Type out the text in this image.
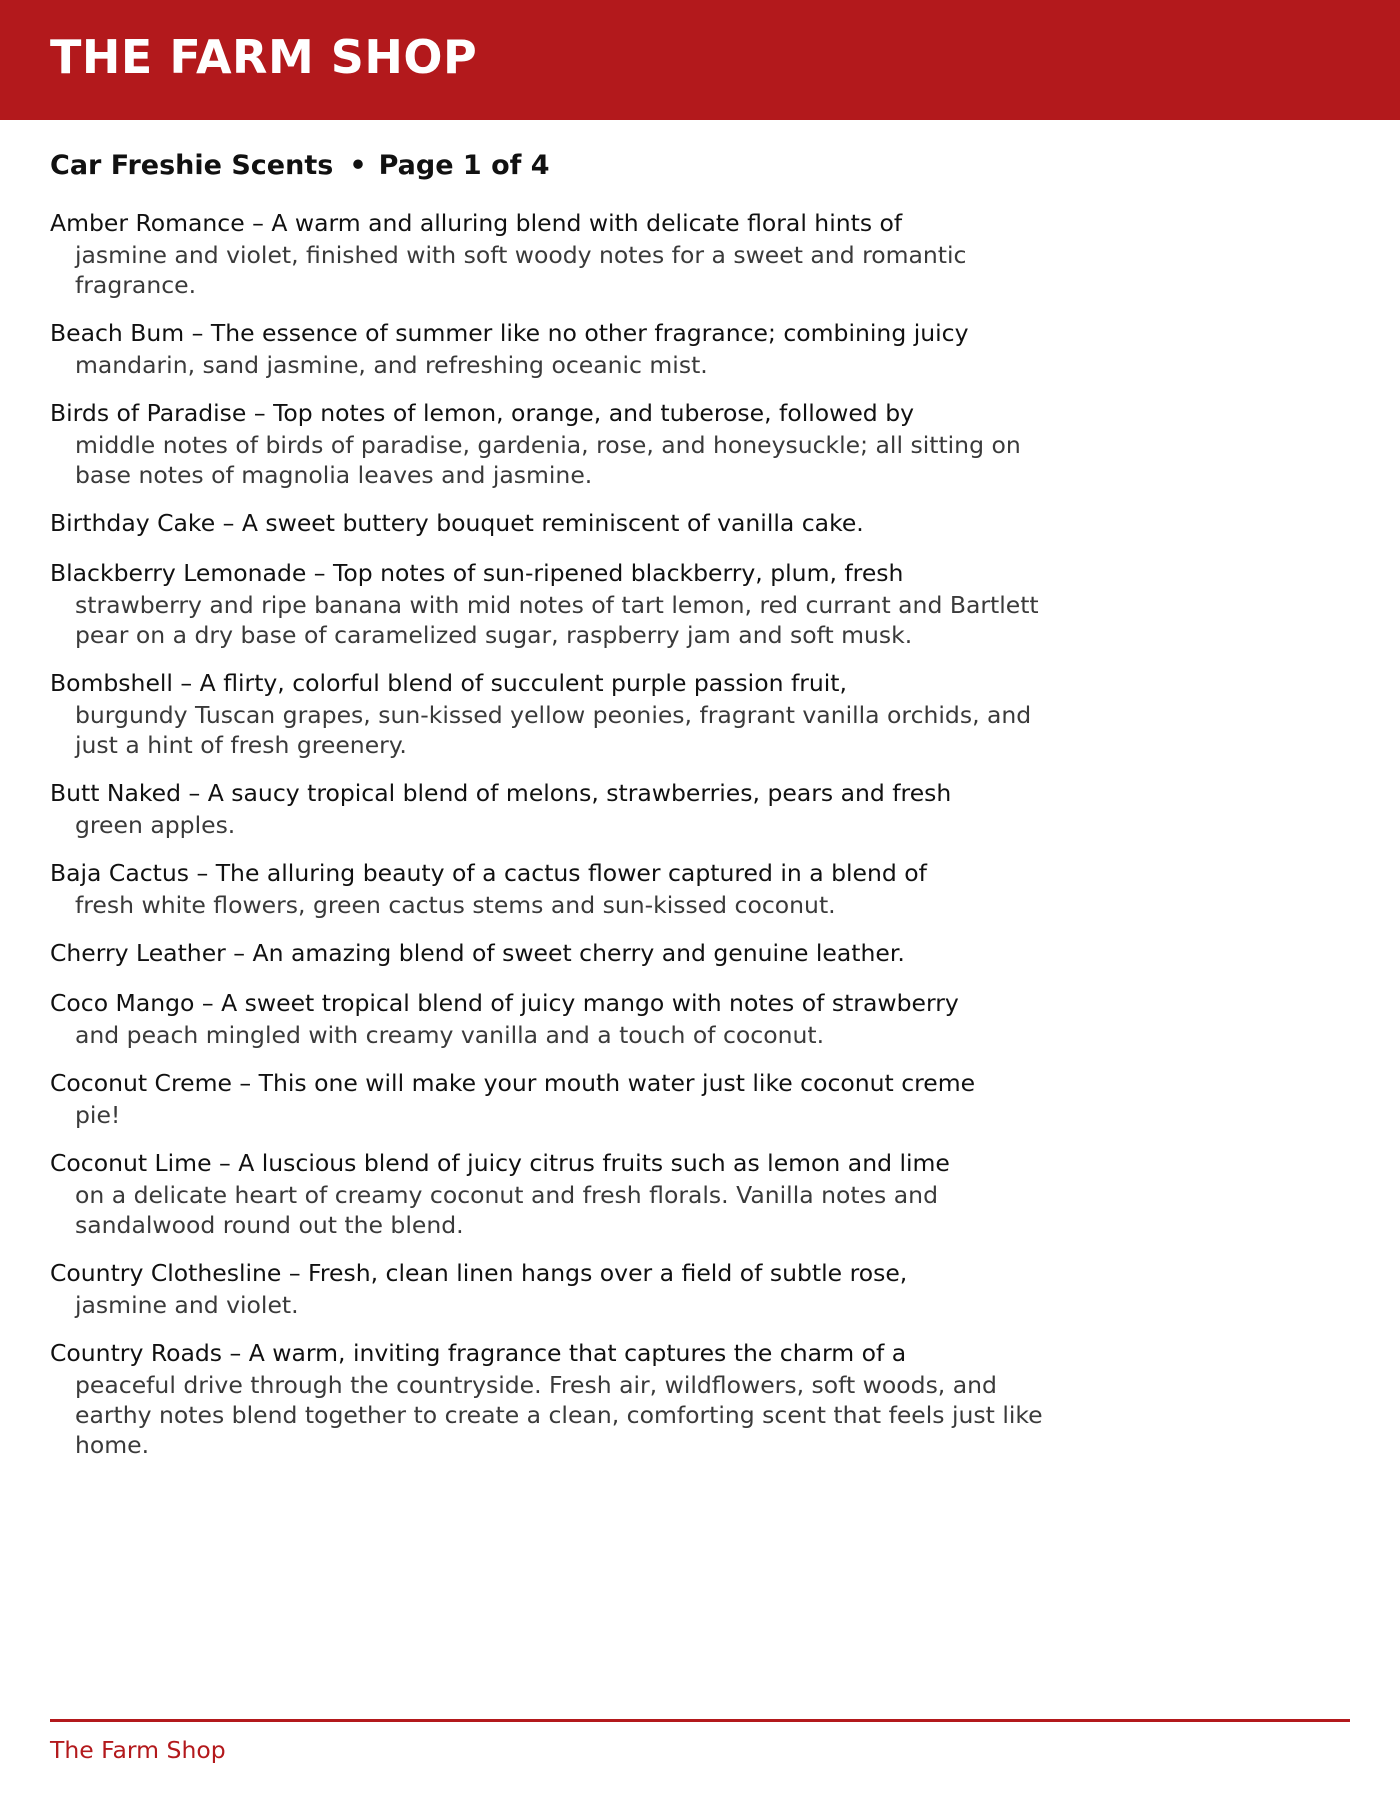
THE FARM SHOP
Car Freshie Scents • Page 1 of 4
Amber Romance – A warm and alluring blend with delicate floral hints of
jasmine and violet, finished with soft woody notes for a sweet and romantic fragrance.
Beach Bum – The essence of summer like no other fragrance; combining juicy
mandarin, sand jasmine, and refreshing oceanic mist.
Birds of Paradise – Top notes of lemon, orange, and tuberose, followed by
middle notes of birds of paradise, gardenia, rose, and honeysuckle; all sitting on base notes of magnolia leaves and jasmine.
Birthday Cake – A sweet buttery bouquet reminiscent of vanilla cake.
Blackberry Lemonade – Top notes of sun-ripened blackberry, plum, fresh
strawberry and ripe banana with mid notes of tart lemon, red currant and Bartlett pear on a dry base of caramelized sugar, raspberry jam and soft musk.
Bombshell – A flirty, colorful blend of succulent purple passion fruit,
burgundy Tuscan grapes, sun-kissed yellow peonies, fragrant vanilla orchids, and just a hint of fresh greenery.
Butt Naked – A saucy tropical blend of melons, strawberries, pears and fresh
green apples.
Baja Cactus – The alluring beauty of a cactus flower captured in a blend of
fresh white flowers, green cactus stems and sun-kissed coconut.
Cherry Leather – An amazing blend of sweet cherry and genuine leather.
Coco Mango – A sweet tropical blend of juicy mango with notes of strawberry
and peach mingled with creamy vanilla and a touch of coconut.
Coconut Creme – This one will make your mouth water just like coconut creme
pie!
Coconut Lime – A luscious blend of juicy citrus fruits such as lemon and lime
on a delicate heart of creamy coconut and fresh florals. Vanilla notes and sandalwood round out the blend.
Country Clothesline – Fresh, clean linen hangs over a field of subtle rose,
jasmine and violet.
Country Roads – A warm, inviting fragrance that captures the charm of a
peaceful drive through the countryside. Fresh air, wildflowers, soft woods, and earthy notes blend together to create a clean, comforting scent that feels just like home.

The Farm Shop
